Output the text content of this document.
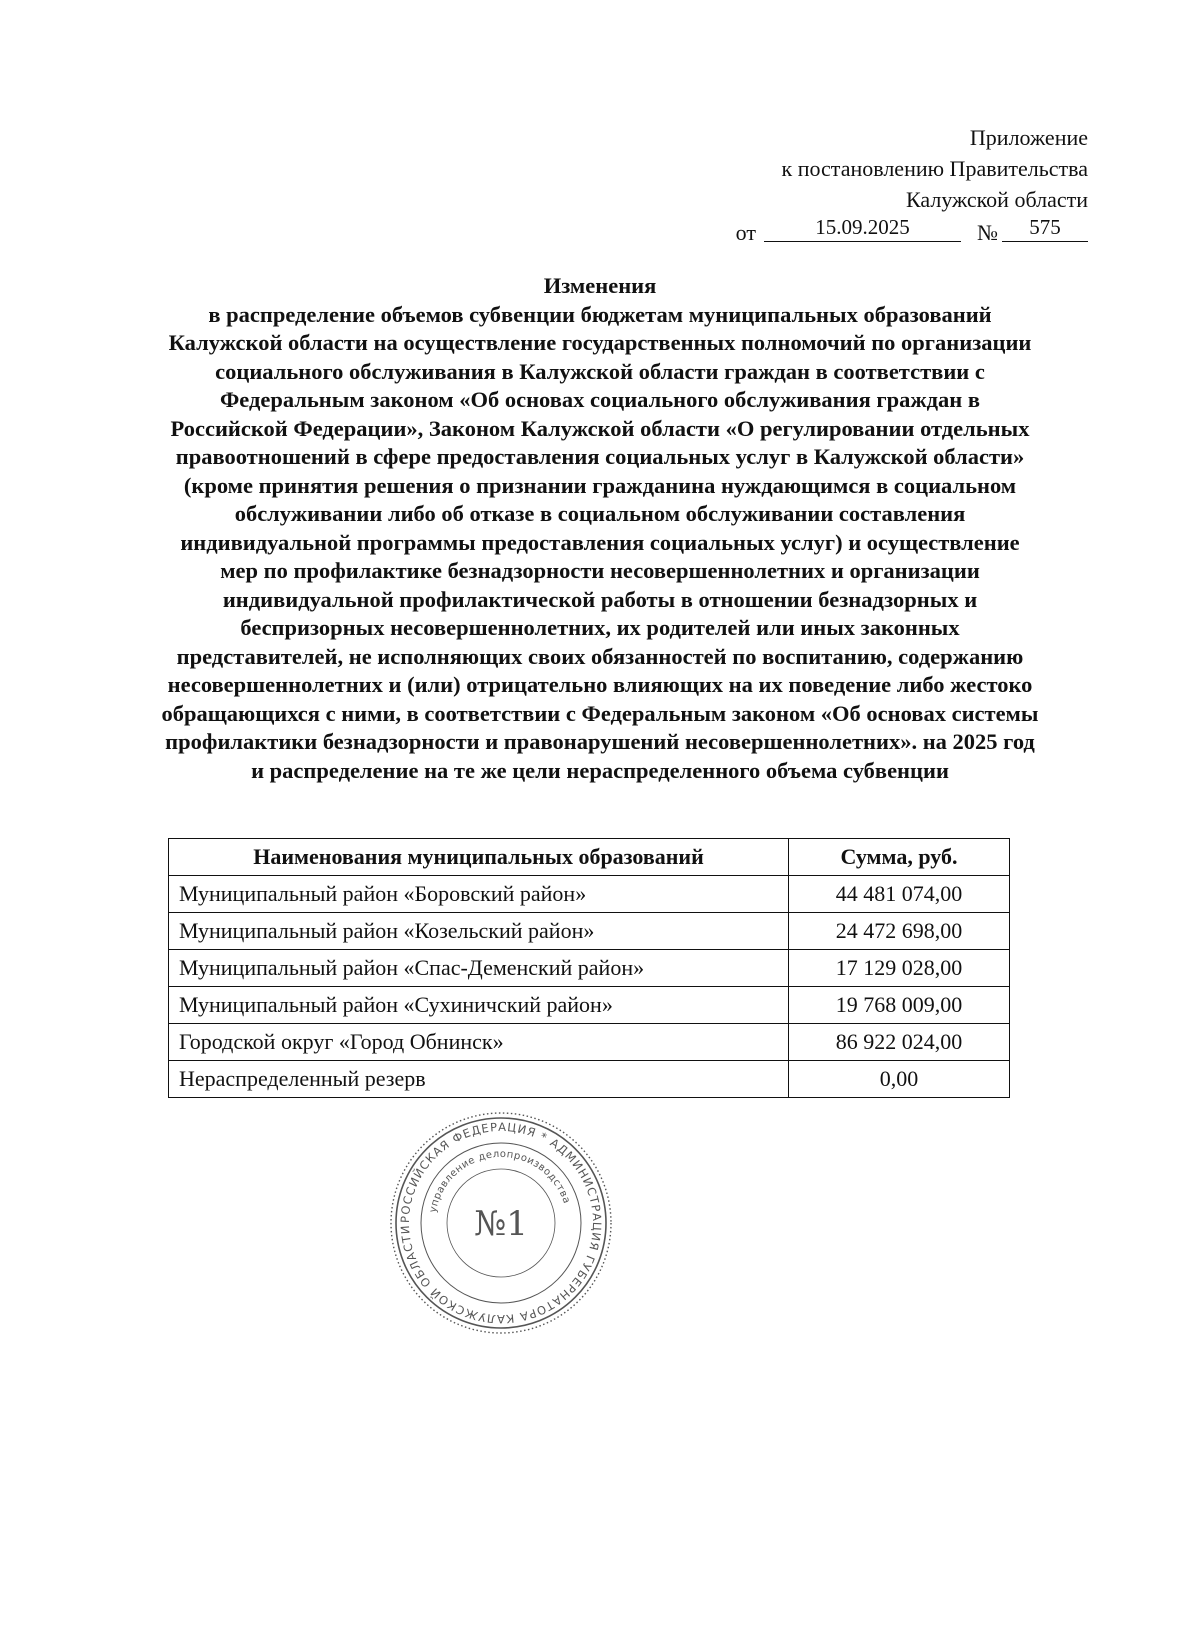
Приложение
к постановлению Правительства
Калужской области
от	15.09.2025	№	575
Изменения
в распределение объемов субвенции бюджетам муниципальных образований
Калужской области на осуществление государственных полномочий по организации
социального обслуживания в Калужской области граждан в соответствии с
Федеральным законом «Об основах социального обслуживания граждан в
Российской Федерации», Законом Калужской области «О регулировании отдельных
правоотношений в сфере предоставления социальных услуг в Калужской области»
(кроме принятия решения о признании гражданина нуждающимся в социальном
обслуживании либо об отказе в социальном обслуживании составления
индивидуальной программы предоставления социальных услуг) и осуществление
мер по профилактике безнадзорности несовершеннолетних и организации
индивидуальной профилактической работы в отношении безнадзорных и
беспризорных несовершеннолетних, их родителей или иных законных
представителей, не исполняющих своих обязанностей по воспитанию, содержанию
несовершеннолетних и (или) отрицательно влияющих на их поведение либо жестоко
обращающихся с ними, в соответствии с Федеральным законом «Об основах системы
профилактики безнадзорности и правонарушений несовершеннолетних». на 2025 год
и распределение на те же цели нераспределенного объема субвенции
Наименования муниципальных образований	Сумма, руб.
Муниципальный район «Боровский район»	44 481 074,00
Муниципальный район «Козельский район»	24 472 698,00
Муниципальный район «Спас-Деменский район»	17 129 028,00
Муниципальный район «Сухиничский район»	19 768 009,00
Городской округ «Город Обнинск»	86 922 024,00
Нераспределенный резерв	0,00
РОССИЙСКАЯ ФЕДЕРАЦИЯ * АДМИНИСТРАЦИЯ ГУБЕРНАТОРА КАЛУЖСКОЙ ОБЛАСТИ
управление делопроизводства
№1
